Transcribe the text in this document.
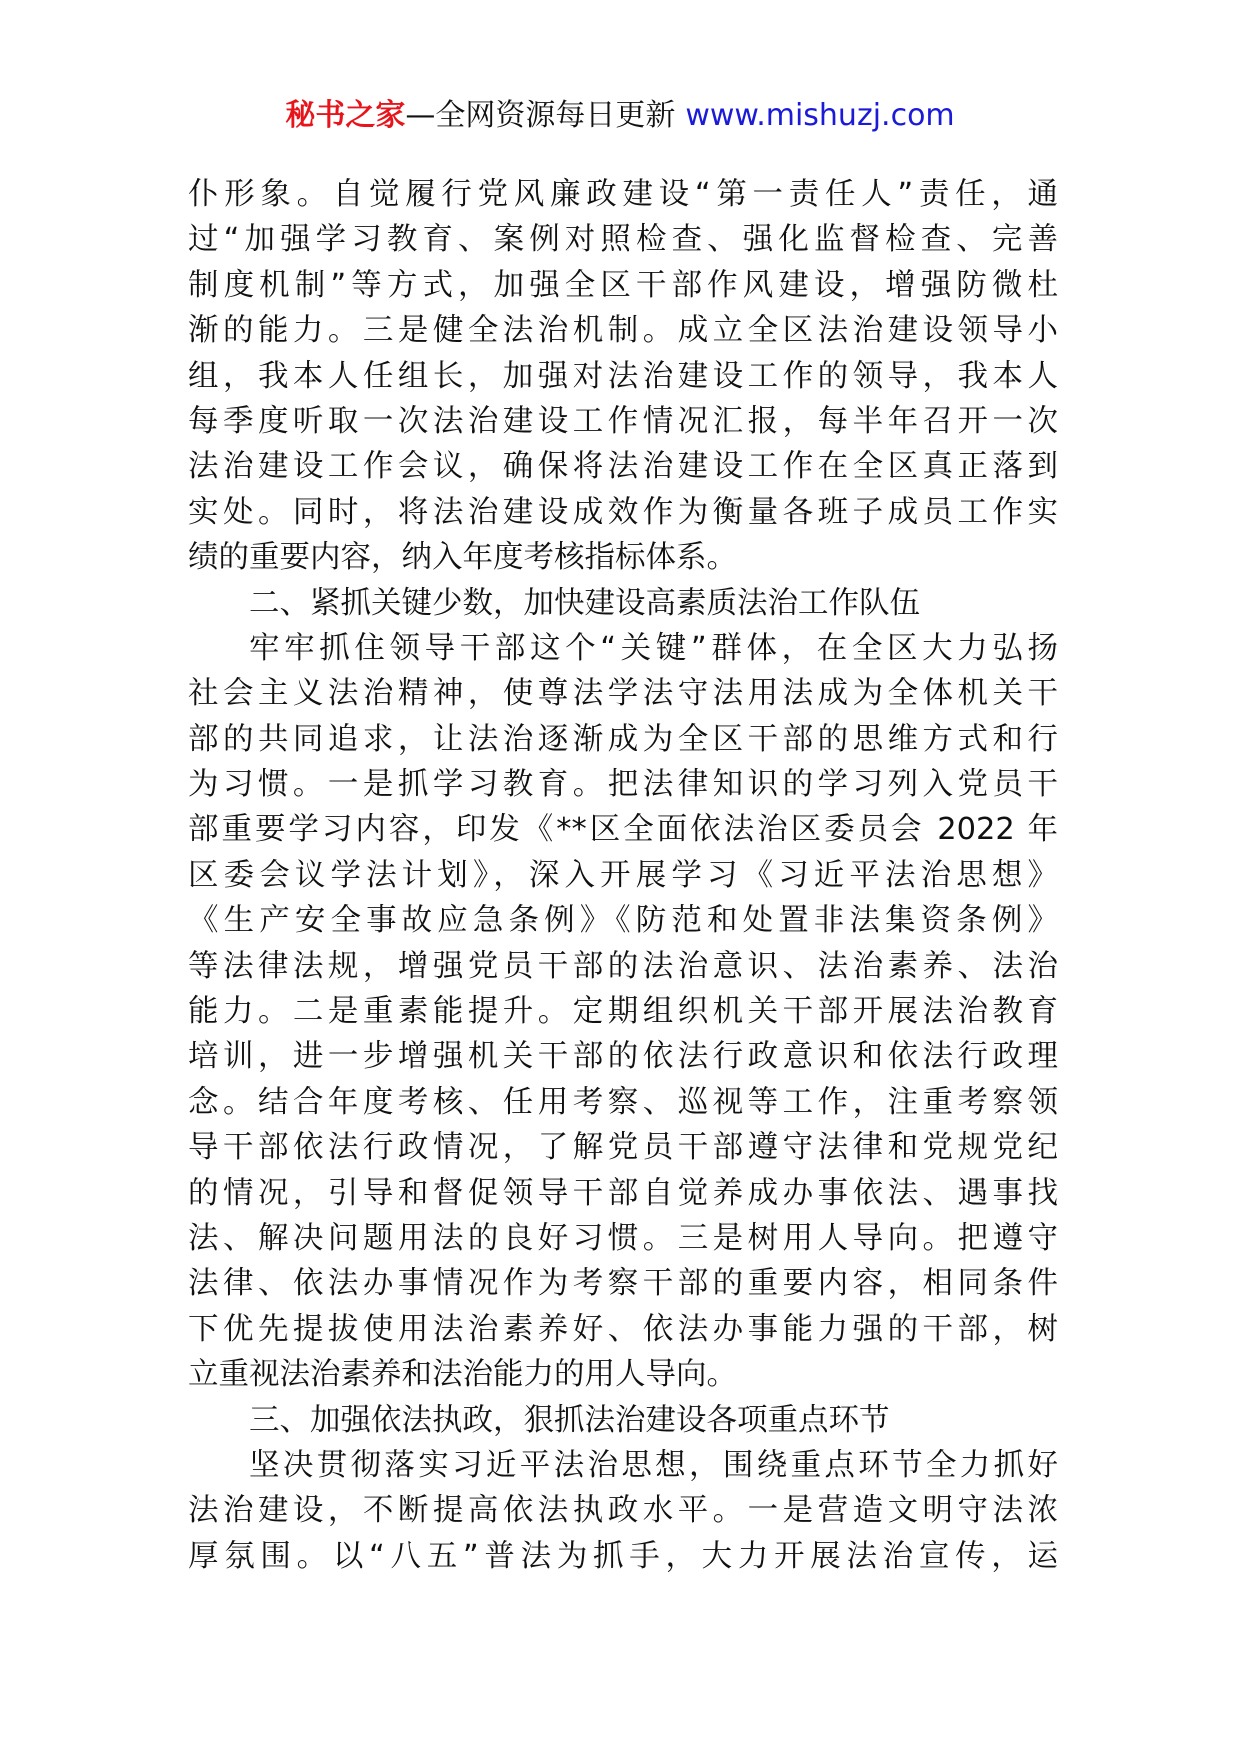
秘书之家—全网资源每日更新 www.mishuzj.com
仆形象。自觉履行党风廉政建设“第一责任人”责任，通
过“加强学习教育、案例对照检查、强化监督检查、完善
制度机制”等方式，加强全区干部作风建设，增强防微杜
渐的能力。三是健全法治机制。成立全区法治建设领导小
组，我本人任组长，加强对法治建设工作的领导，我本人
每季度听取一次法治建设工作情况汇报，每半年召开一次
法治建设工作会议，确保将法治建设工作在全区真正落到
实处。同时，将法治建设成效作为衡量各班子成员工作实
绩的重要内容，纳入年度考核指标体系。
二、紧抓关键少数，加快建设高素质法治工作队伍
牢牢抓住领导干部这个“关键”群体，在全区大力弘扬
社会主义法治精神，使尊法学法守法用法成为全体机关干
部的共同追求，让法治逐渐成为全区干部的思维方式和行
为习惯。一是抓学习教育。把法律知识的学习列入党员干
部重要学习内容，印发《**区全面依法治区委员会 2022 年
区委会议学法计划》，深入开展学习《习近平法治思想》
《生产安全事故应急条例》《防范和处置非法集资条例》
等法律法规，增强党员干部的法治意识、法治素养、法治
能力。二是重素能提升。定期组织机关干部开展法治教育
培训，进一步增强机关干部的依法行政意识和依法行政理
念。结合年度考核、任用考察、巡视等工作，注重考察领
导干部依法行政情况，了解党员干部遵守法律和党规党纪
的情况，引导和督促领导干部自觉养成办事依法、遇事找
法、解决问题用法的良好习惯。三是树用人导向。把遵守
法律、依法办事情况作为考察干部的重要内容，相同条件
下优先提拔使用法治素养好、依法办事能力强的干部，树
立重视法治素养和法治能力的用人导向。
三、加强依法执政，狠抓法治建设各项重点环节
坚决贯彻落实习近平法治思想，围绕重点环节全力抓好
法治建设，不断提高依法执政水平。一是营造文明守法浓
厚氛围。以“八五”普法为抓手，大力开展法治宣传，运
